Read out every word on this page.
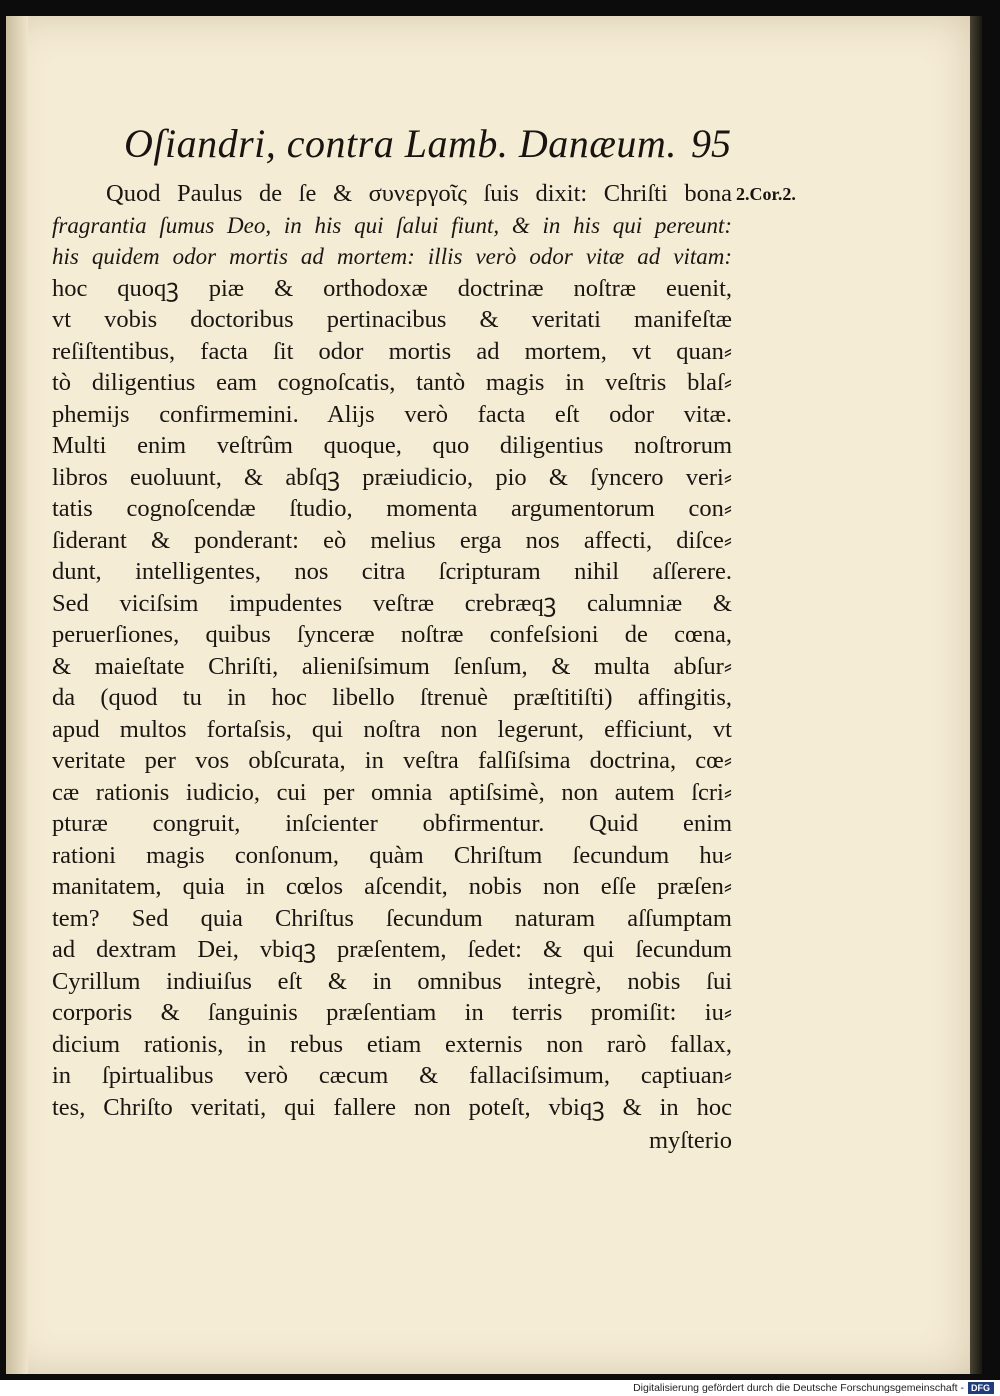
Oſiandri, contra Lamb. Danæum. 95
2.Cor.2.
Quod Paulus de ſe & συνεργοῖς ſuis dixit: Chriſti bona
fragrantia ſumus Deo, in his qui ſalui fiunt, & in his qui pereunt:
his quidem odor mortis ad mortem: illis verò odor vitæ ad vitam:
hoc quoqꝫ piæ & orthodoxæ doctrinæ noſtræ euenit,
vt vobis doctoribus pertinacibus & veritati manifeſtæ
reſiſtentibus, facta ſit odor mortis ad mortem, vt quan⸗
tò diligentius eam cognoſcatis, tantò magis in veſtris blaſ⸗
phemijs confirmemini. Alijs verò facta eſt odor vitæ.
Multi enim veſtrûm quoque, quo diligentius noſtrorum
libros euoluunt, & abſqꝫ præiudicio, pio & ſyncero veri⸗
tatis cognoſcendæ ſtudio, momenta argumentorum con⸗
ſiderant & ponderant: eò melius erga nos affecti, diſce⸗
dunt, intelligentes, nos citra ſcripturam nihil aſſerere.
Sed viciſsim impudentes veſtræ crebræqꝫ calumniæ &
peruerſiones, quibus ſynceræ noſtræ confeſsioni de cœna,
& maieſtate Chriſti, alieniſsimum ſenſum, & multa abſur⸗
da (quod tu in hoc libello ſtrenuè præſtitiſti) affingitis,
apud multos fortaſsis, qui noſtra non legerunt, efficiunt, vt
veritate per vos obſcurata, in veſtra falſiſsima doctrina, cœ⸗
cæ rationis iudicio, cui per omnia aptiſsimè, non autem ſcri⸗
pturæ congruit, inſcienter obfirmentur. Quid enim
rationi magis conſonum, quàm Chriſtum ſecundum hu⸗
manitatem, quia in cœlos aſcendit, nobis non eſſe præſen⸗
tem? Sed quia Chriſtus ſecundum naturam aſſumptam
ad dextram Dei, vbiqꝫ præſentem, ſedet: & qui ſecundum
Cyrillum indiuiſus eſt & in omnibus integrè, nobis ſui
corporis & ſanguinis præſentiam in terris promiſit: iu⸗
dicium rationis, in rebus etiam externis non rarò fallax,
in ſpirtualibus verò cæcum & fallaciſsimum, captiuan⸗
tes, Chriſto veritati, qui fallere non poteſt, vbiqꝫ & in hoc
myſterio
Digitalisierung gefördert durch die Deutsche Forschungsgemeinschaft - DFG
